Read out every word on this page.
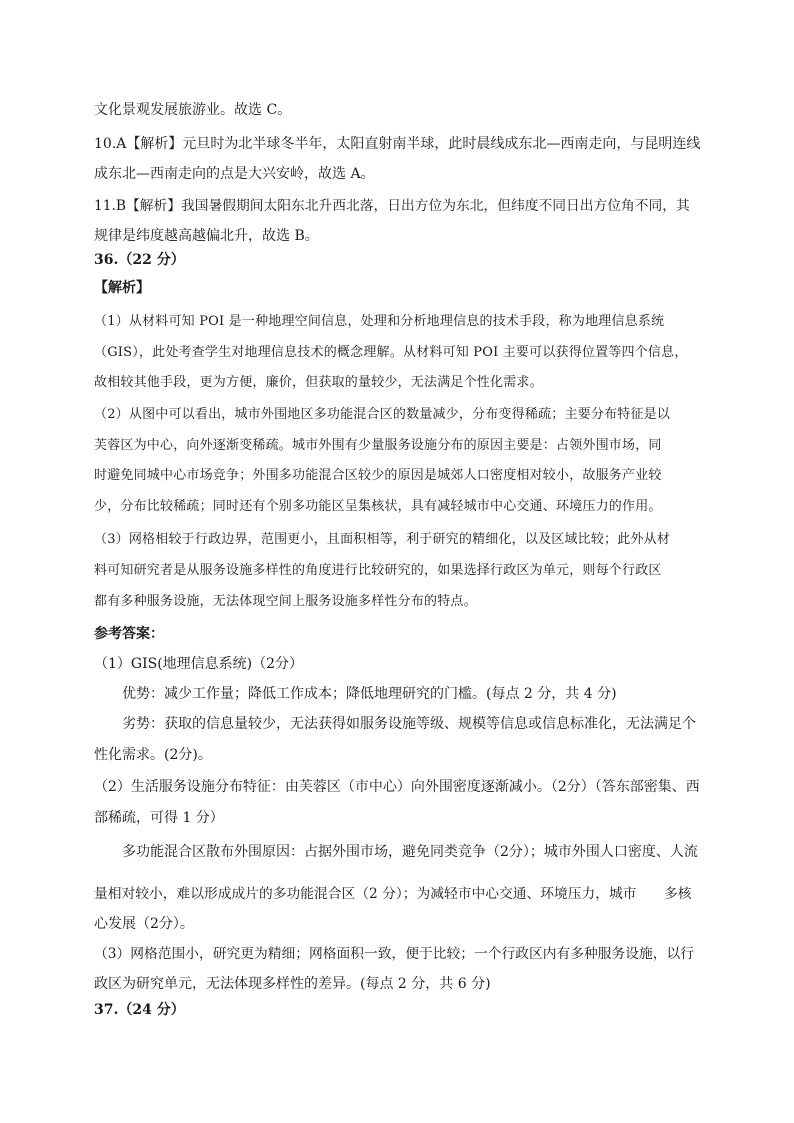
文化景观发展旅游业。故选 C。
10.A【解析】元旦时为北半球冬半年，太阳直射南半球，此时晨线成东北—西南走向，与昆明连线
成东北—西南走向的点是大兴安岭，故选 A。
11.B【解析】我国暑假期间太阳东北升西北落，日出方位为东北，但纬度不同日出方位角不同，其
规律是纬度越高越偏北升，故选 B。
36.（22 分）
【解析】
（1）从材料可知 POI 是一种地理空间信息，处理和分析地理信息的技术手段，称为地理信息系统
（GIS），此处考查学生对地理信息技术的概念理解。从材料可知 POI 主要可以获得位置等四个信息，
故相较其他手段，更为方便，廉价，但获取的量较少，无法满足个性化需求。
（2）从图中可以看出，城市外围地区多功能混合区的数量减少，分布变得稀疏；主要分布特征是以
芙蓉区为中心，向外逐渐变稀疏。城市外围有少量服务设施分布的原因主要是：占领外围市场，同
时避免同城中心市场竞争；外围多功能混合区较少的原因是城郊人口密度相对较小，故服务产业较
少，分布比较稀疏；同时还有个别多功能区呈集核状，具有减轻城市中心交通、环境压力的作用。
（3）网格相较于行政边界，范围更小，且面积相等，利于研究的精细化，以及区域比较；此外从材
料可知研究者是从服务设施多样性的角度进行比较研究的，如果选择行政区为单元，则每个行政区
都有多种服务设施，无法体现空间上服务设施多样性分布的特点。
参考答案：
（1）GIS(地理信息系统)（2分）
优势：减少工作量；降低工作成本；降低地理研究的门槛。(每点 2 分，共 4 分)
劣势：获取的信息量较少，无法获得如服务设施等级、规模等信息或信息标准化，无法满足个
性化需求。(2分)。
（2）生活服务设施分布特征：由芙蓉区（市中心）向外围密度逐渐减小。（2分）（答东部密集、西
部稀疏，可得 1 分）
多功能混合区散布外围原因：占据外围市场，避免同类竞争（2分）；城市外围人口密度、人流
量相对较小，难以形成成片的多功能混合区（2 分）；为减轻市中心交通、环境压力，城市　　多核
心发展（2分）。
（3）网格范围小，研究更为精细；网格面积一致，便于比较；一个行政区内有多种服务设施，以行
政区为研究单元，无法体现多样性的差异。(每点 2 分，共 6 分)
37.（24 分）
